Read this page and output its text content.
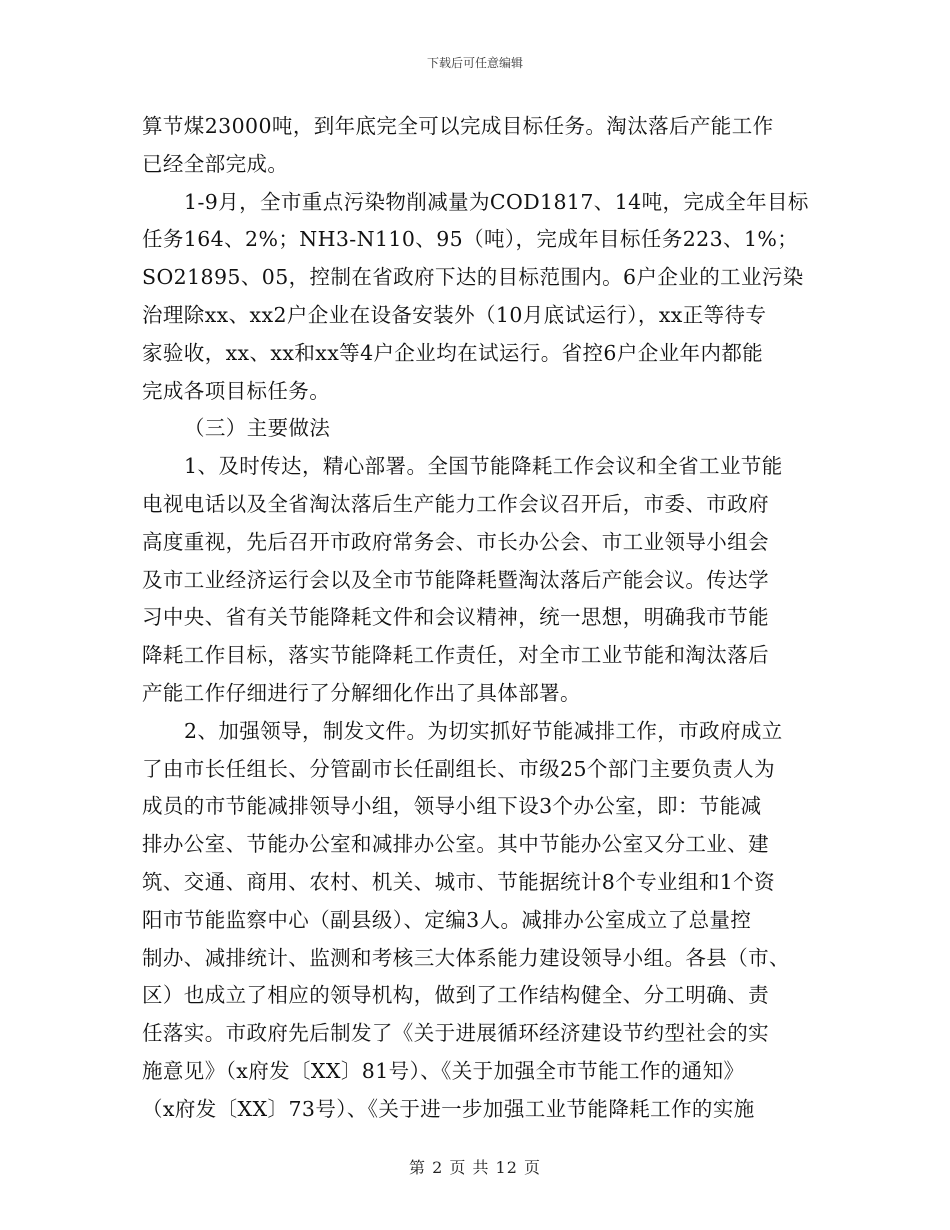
下载后可任意编辑
算节煤23000吨，到年底完全可以完成目标任务。淘汰落后产能工作
已经全部完成。
1-9月，全市重点污染物削减量为COD1817、14吨，完成全年目标
任务164、2%；NH3-N110、95（吨），完成年目标任务223、1%；
SO21895、05，控制在省政府下达的目标范围内。6户企业的工业污染
治理除xx、xx2户企业在设备安装外（10月底试运行），xx正等待专
家验收，xx、xx和xx等4户企业均在试运行。省控6户企业年内都能
完成各项目标任务。
（三）主要做法
1、及时传达，精心部署。全国节能降耗工作会议和全省工业节能
电视电话以及全省淘汰落后生产能力工作会议召开后，市委、市政府
高度重视，先后召开市政府常务会、市长办公会、市工业领导小组会
及市工业经济运行会以及全市节能降耗暨淘汰落后产能会议。传达学
习中央、省有关节能降耗文件和会议精神，统一思想，明确我市节能
降耗工作目标，落实节能降耗工作责任，对全市工业节能和淘汰落后
产能工作仔细进行了分解细化作出了具体部署。
2、加强领导，制发文件。为切实抓好节能减排工作，市政府成立
了由市长任组长、分管副市长任副组长、市级25个部门主要负责人为
成员的市节能减排领导小组，领导小组下设3个办公室，即：节能减
排办公室、节能办公室和减排办公室。其中节能办公室又分工业、建
筑、交通、商用、农村、机关、城市、节能据统计8个专业组和1个资
阳市节能监察中心（副县级）、定编3人。减排办公室成立了总量控
制办、减排统计、监测和考核三大体系能力建设领导小组。各县（市、
区）也成立了相应的领导机构，做到了工作结构健全、分工明确、责
任落实。市政府先后制发了《关于进展循环经济建设节约型社会的实
施意见》（x府发〔XX〕81号）、《关于加强全市节能工作的通知》
（x府发〔XX〕73号）、《关于进一步加强工业节能降耗工作的实施
第 2 页 共 12 页
